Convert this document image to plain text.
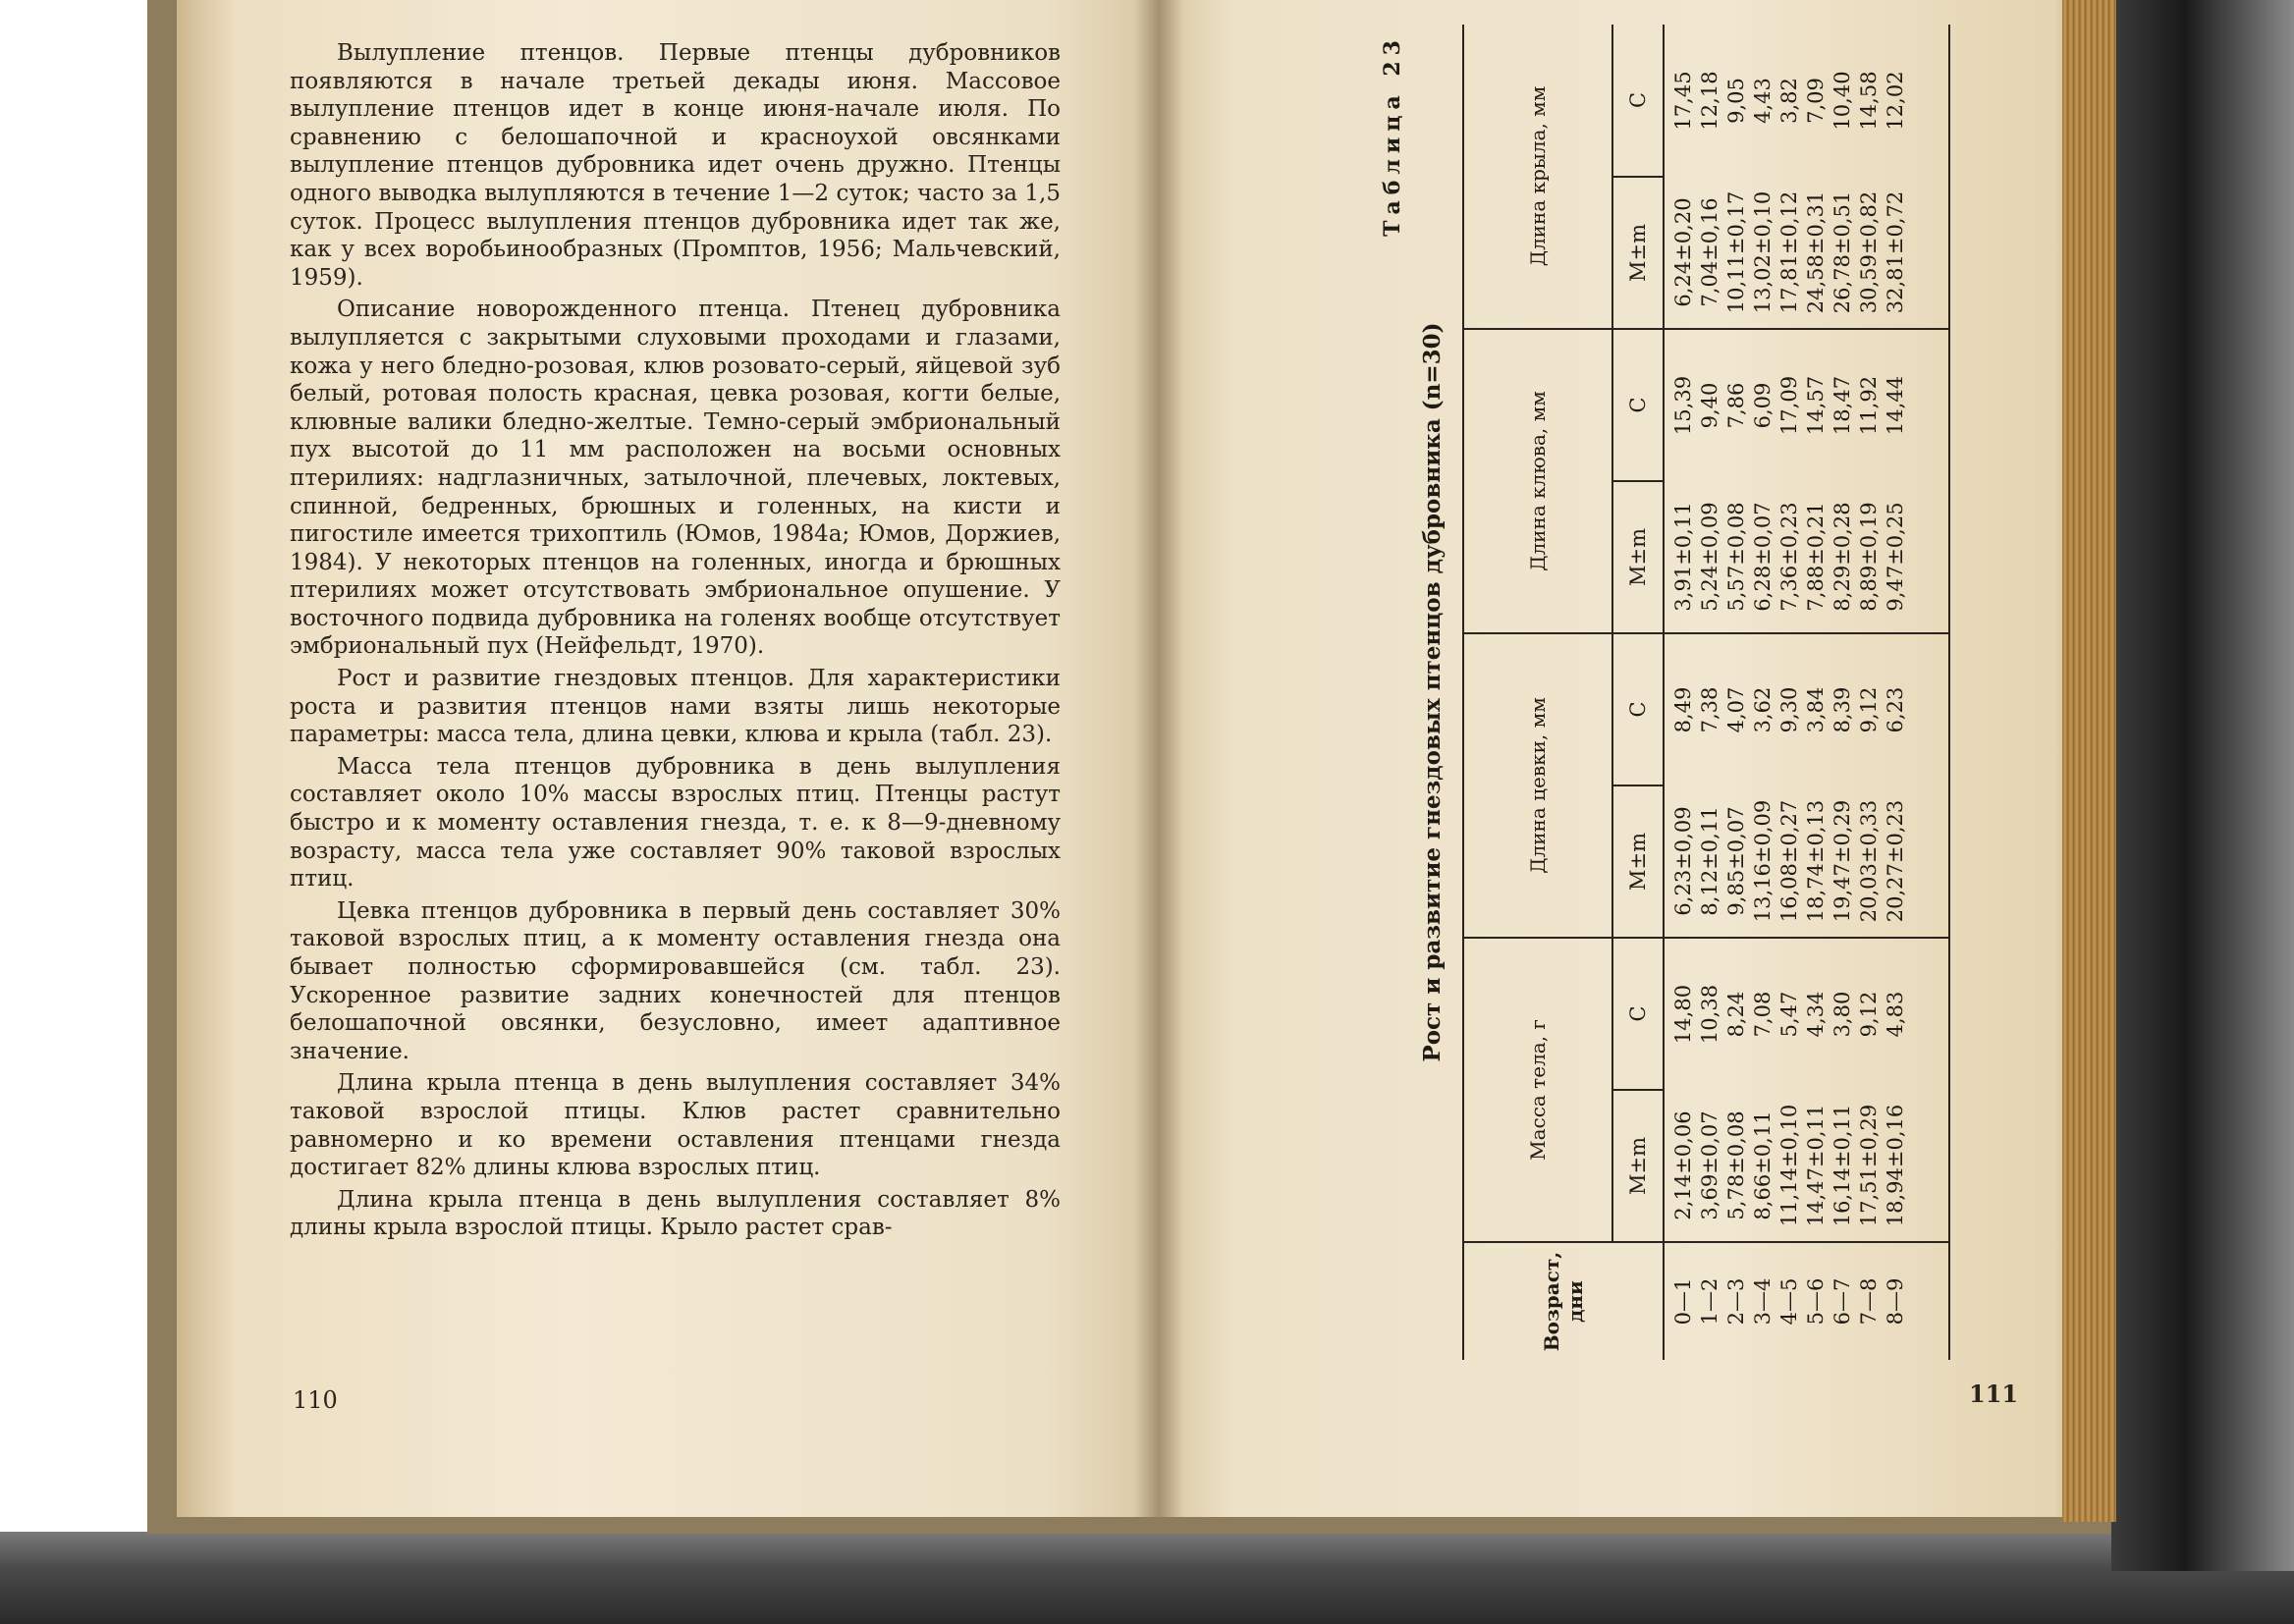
Вылупление птенцов. Первые птенцы дубровников появляются в начале третьей декады июня. Массовое вылупление птенцов идет в конце июня-начале июля. По сравнению с белошапочной и красноухой овсянками вылупление птенцов дубровника идет очень дружно. Птенцы одного выводка вылупляются в течение 1—2 суток; часто за 1,5 суток. Процесс вылупления птенцов дубровника идет так же, как у всех воробьинообразных (Промптов, 1956; Мальчевский, 1959).

Описание новорожденного птенца. Птенец дубровника вылупляется с закрытыми слуховыми проходами и глазами, кожа у него бледно-розовая, клюв розовато-серый, яйцевой зуб белый, ротовая полость красная, цевка розовая, когти белые, клювные валики бледно-желтые. Темно-серый эмбриональный пух высотой до 11 мм расположен на восьми основных птерилиях: надглазничных, затылочной, плечевых, локтевых, спинной, бедренных, брюшных и голенных, на кисти и пигостиле имеется трихоптиль (Юмов, 1984а; Юмов, Доржиев, 1984). У некоторых птенцов на голенных, иногда и брюшных птерилиях может отсутствовать эмбриональное опушение. У восточного подвида дубровника на голенях вообще отсутствует эмбриональный пух (Нейфельдт, 1970).

Рост и развитие гнездовых птенцов. Для характеристики роста и развития птенцов нами взяты лишь некоторые параметры: масса тела, длина цевки, клюва и крыла (табл. 23).

Масса тела птенцов дубровника в день вылупления составляет около 10% массы взрослых птиц. Птенцы растут быстро и к моменту оставления гнезда, т. е. к 8—9-дневному возрасту, масса тела уже составляет 90% таковой взрослых птиц.

Цевка птенцов дубровника в первый день составляет 30% таковой взрослых птиц, а к моменту оставления гнезда она бывает полностью сформировавшейся (см. табл. 23). Ускоренное развитие задних конечностей для птенцов белошапочной овсянки, безусловно, имеет адаптивное значение.

Длина крыла птенца в день вылупления составляет 34% таковой взрослой птицы. Клюв растет сравнительно равномерно и ко времени оставления птенцами гнезда достигает 82% длины клюва взрослых птиц.

Длина крыла птенца в день вылупления составляет 8% длины крыла взрослой птицы. Крыло растет срав-

110
Таблица 23
Рост и развитие гнездовых птенцов дубровника (n=30)
Возраст, дни	Масса тела, г		Длина цевки, мм		Длина клюва, мм		Длина крыла, мм	
	M±m	C	M±m	C	M±m	C	M±m	C
0—1	2,14±0,06	14,80	6,23±0,09	8,49	3,91±0,11	15,39	6,24±0,20	17,45
1—2	3,69±0,07	10,38	8,12±0,11	7,38	5,24±0,09	9,40	7,04±0,16	12,18
2—3	5,78±0,08	8,24	9,85±0,07	4,07	5,57±0,08	7,86	10,11±0,17	9,05
3—4	8,66±0,11	7,08	13,16±0,09	3,62	6,28±0,07	6,09	13,02±0,10	4,43
4—5	11,14±0,10	5,47	16,08±0,27	9,30	7,36±0,23	17,09	17,81±0,12	3,82
5—6	14,47±0,11	4,34	18,74±0,13	3,84	7,88±0,21	14,57	24,58±0,31	7,09
6—7	16,14±0,11	3,80	19,47±0,29	8,39	8,29±0,28	18,47	26,78±0,51	10,40
7—8	17,51±0,29	9,12	20,03±0,33	9,12	8,89±0,19	11,92	30,59±0,82	14,58
8—9	18,94±0,16	4,83	20,27±0,23	6,23	9,47±0,25	14,44	32,81±0,72	12,02
111
